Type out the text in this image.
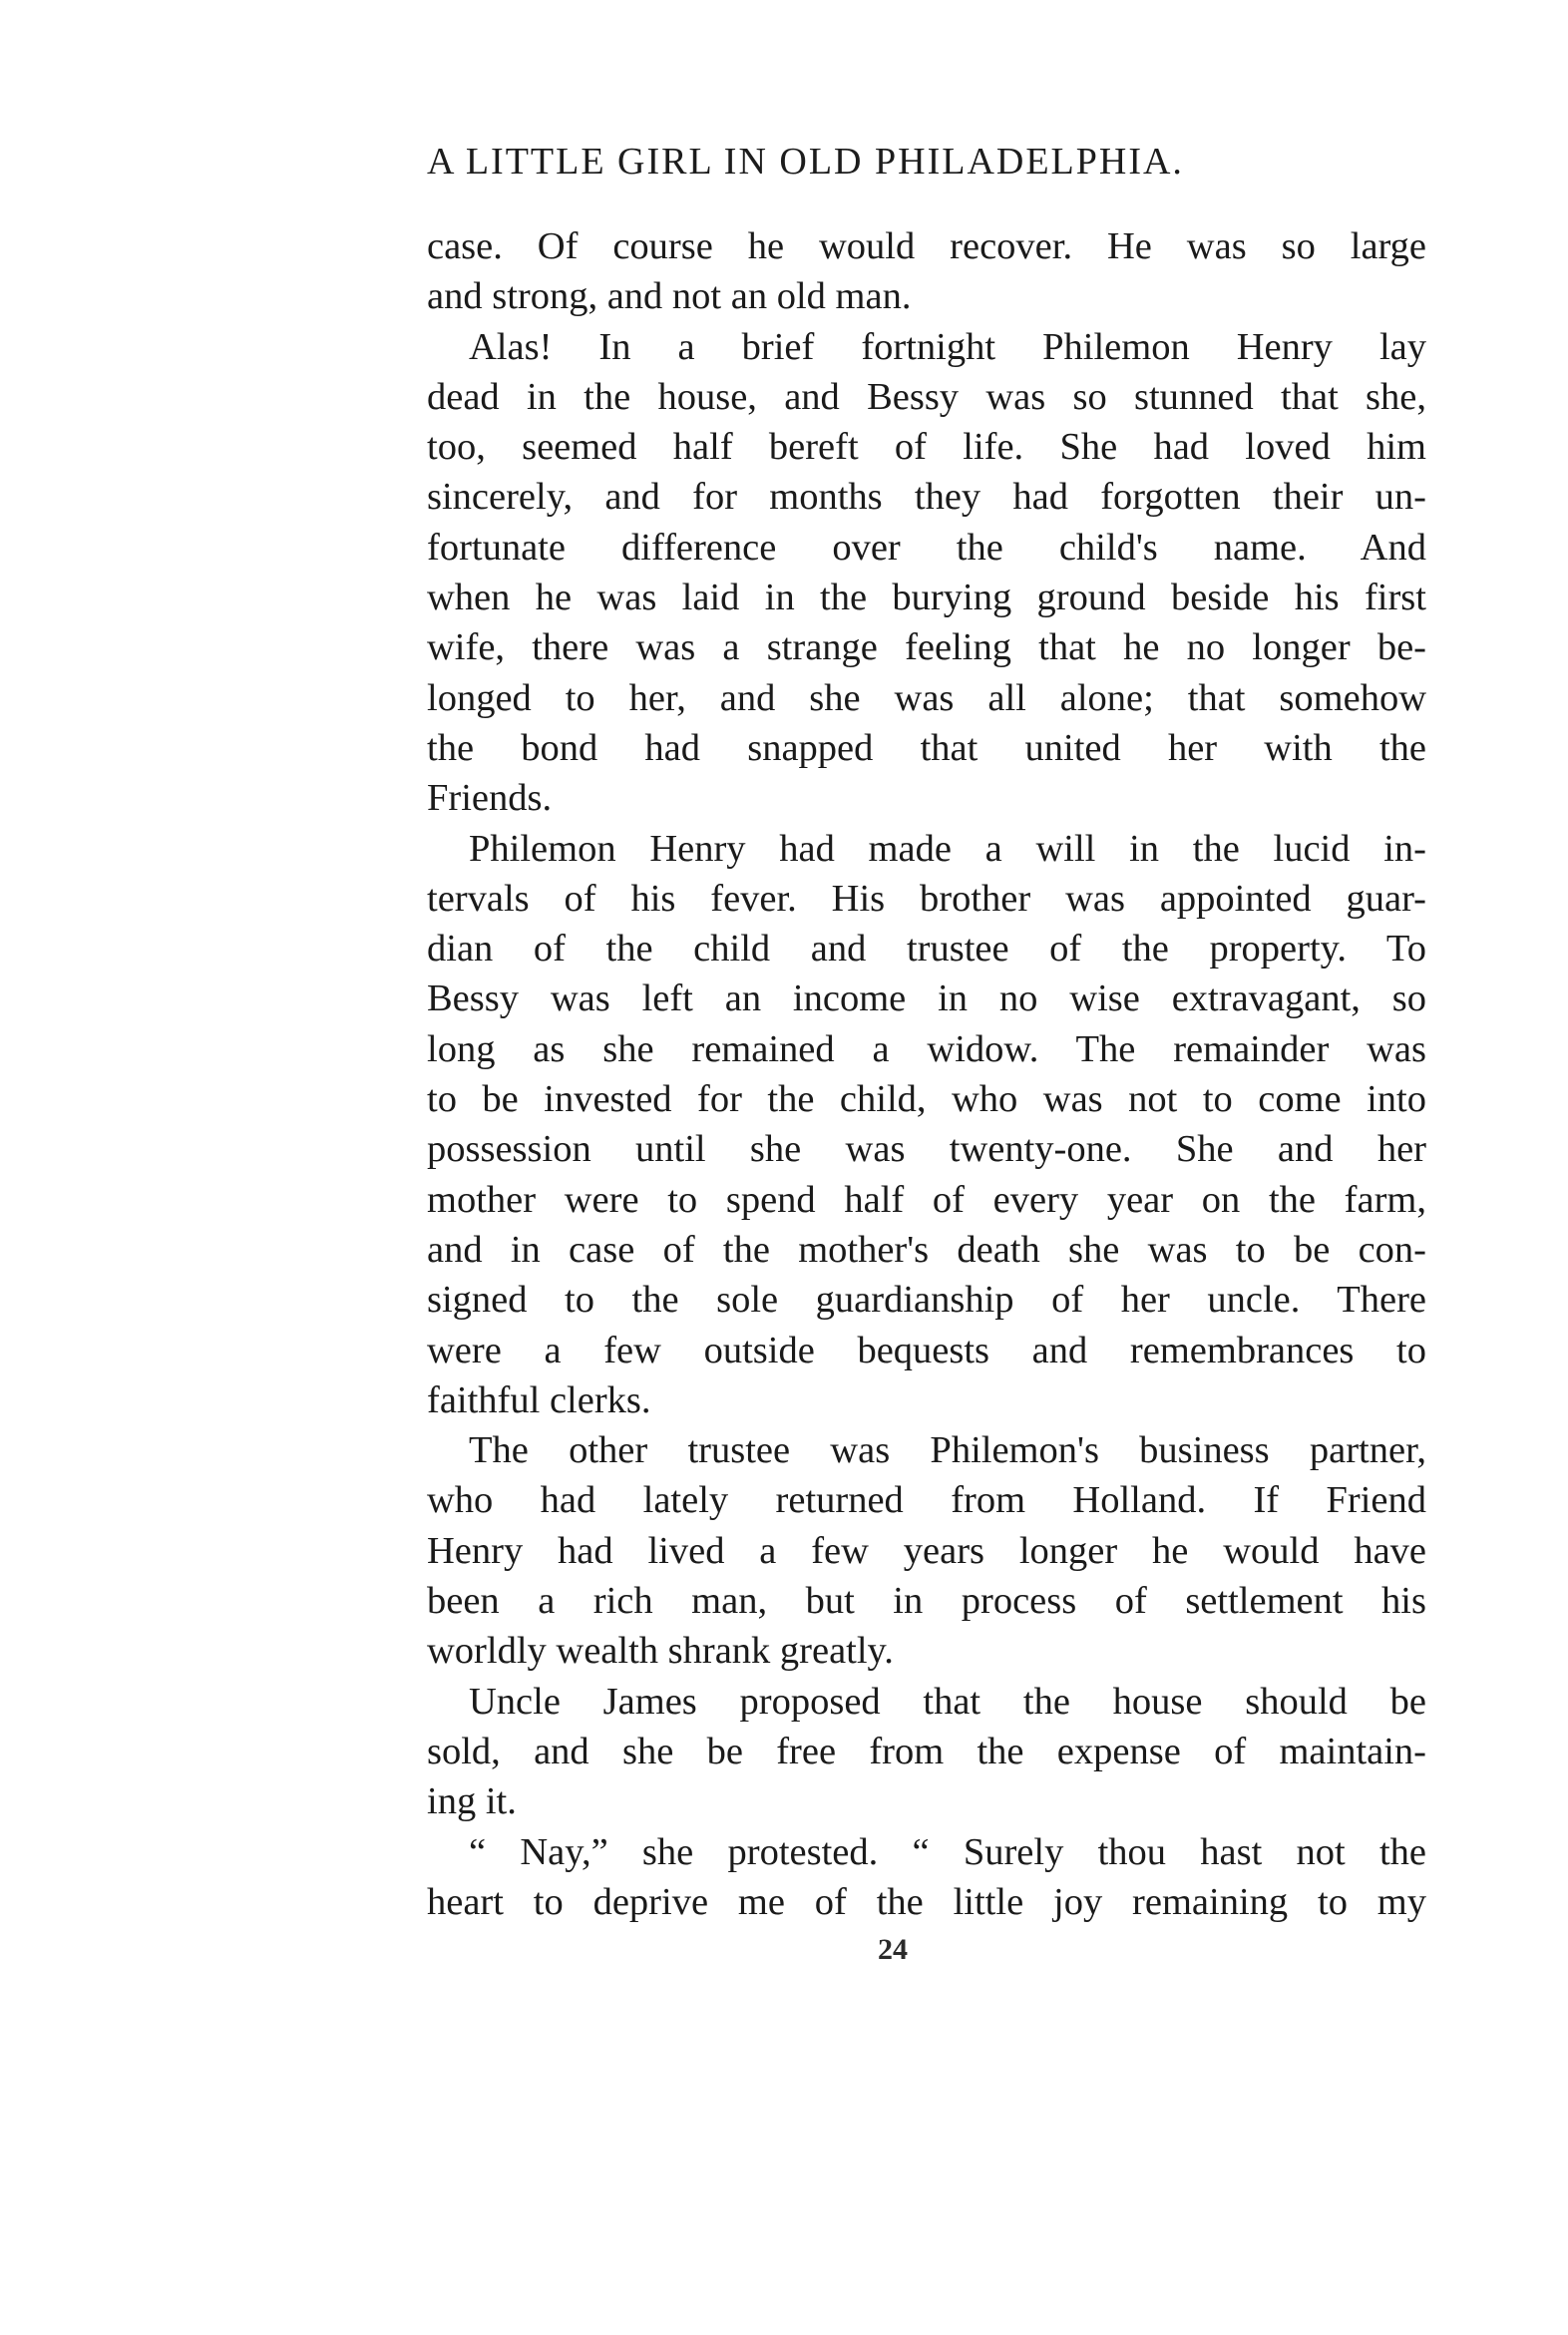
A LITTLE GIRL IN OLD PHILADELPHIA.
case. Of course he would recover. He was so large
and strong, and not an old man.
Alas! In a brief fortnight Philemon Henry lay
dead in the house, and Bessy was so stunned that she,
too, seemed half bereft of life. She had loved him
sincerely, and for months they had forgotten their un-
fortunate difference over the child's name. And
when he was laid in the burying ground beside his first
wife, there was a strange feeling that he no longer be-
longed to her, and she was all alone; that somehow
the bond had snapped that united her with the
Friends.
Philemon Henry had made a will in the lucid in-
tervals of his fever. His brother was appointed guar-
dian of the child and trustee of the property. To
Bessy was left an income in no wise extravagant, so
long as she remained a widow. The remainder was
to be invested for the child, who was not to come into
possession until she was twenty-one. She and her
mother were to spend half of every year on the farm,
and in case of the mother's death she was to be con-
signed to the sole guardianship of her uncle. There
were a few outside bequests and remembrances to
faithful clerks.
The other trustee was Philemon's business partner,
who had lately returned from Holland. If Friend
Henry had lived a few years longer he would have
been a rich man, but in process of settlement his
worldly wealth shrank greatly.
Uncle James proposed that the house should be
sold, and she be free from the expense of maintain-
ing it.
“ Nay,” she protested. “ Surely thou hast not the
heart to deprive me of the little joy remaining to my
24
